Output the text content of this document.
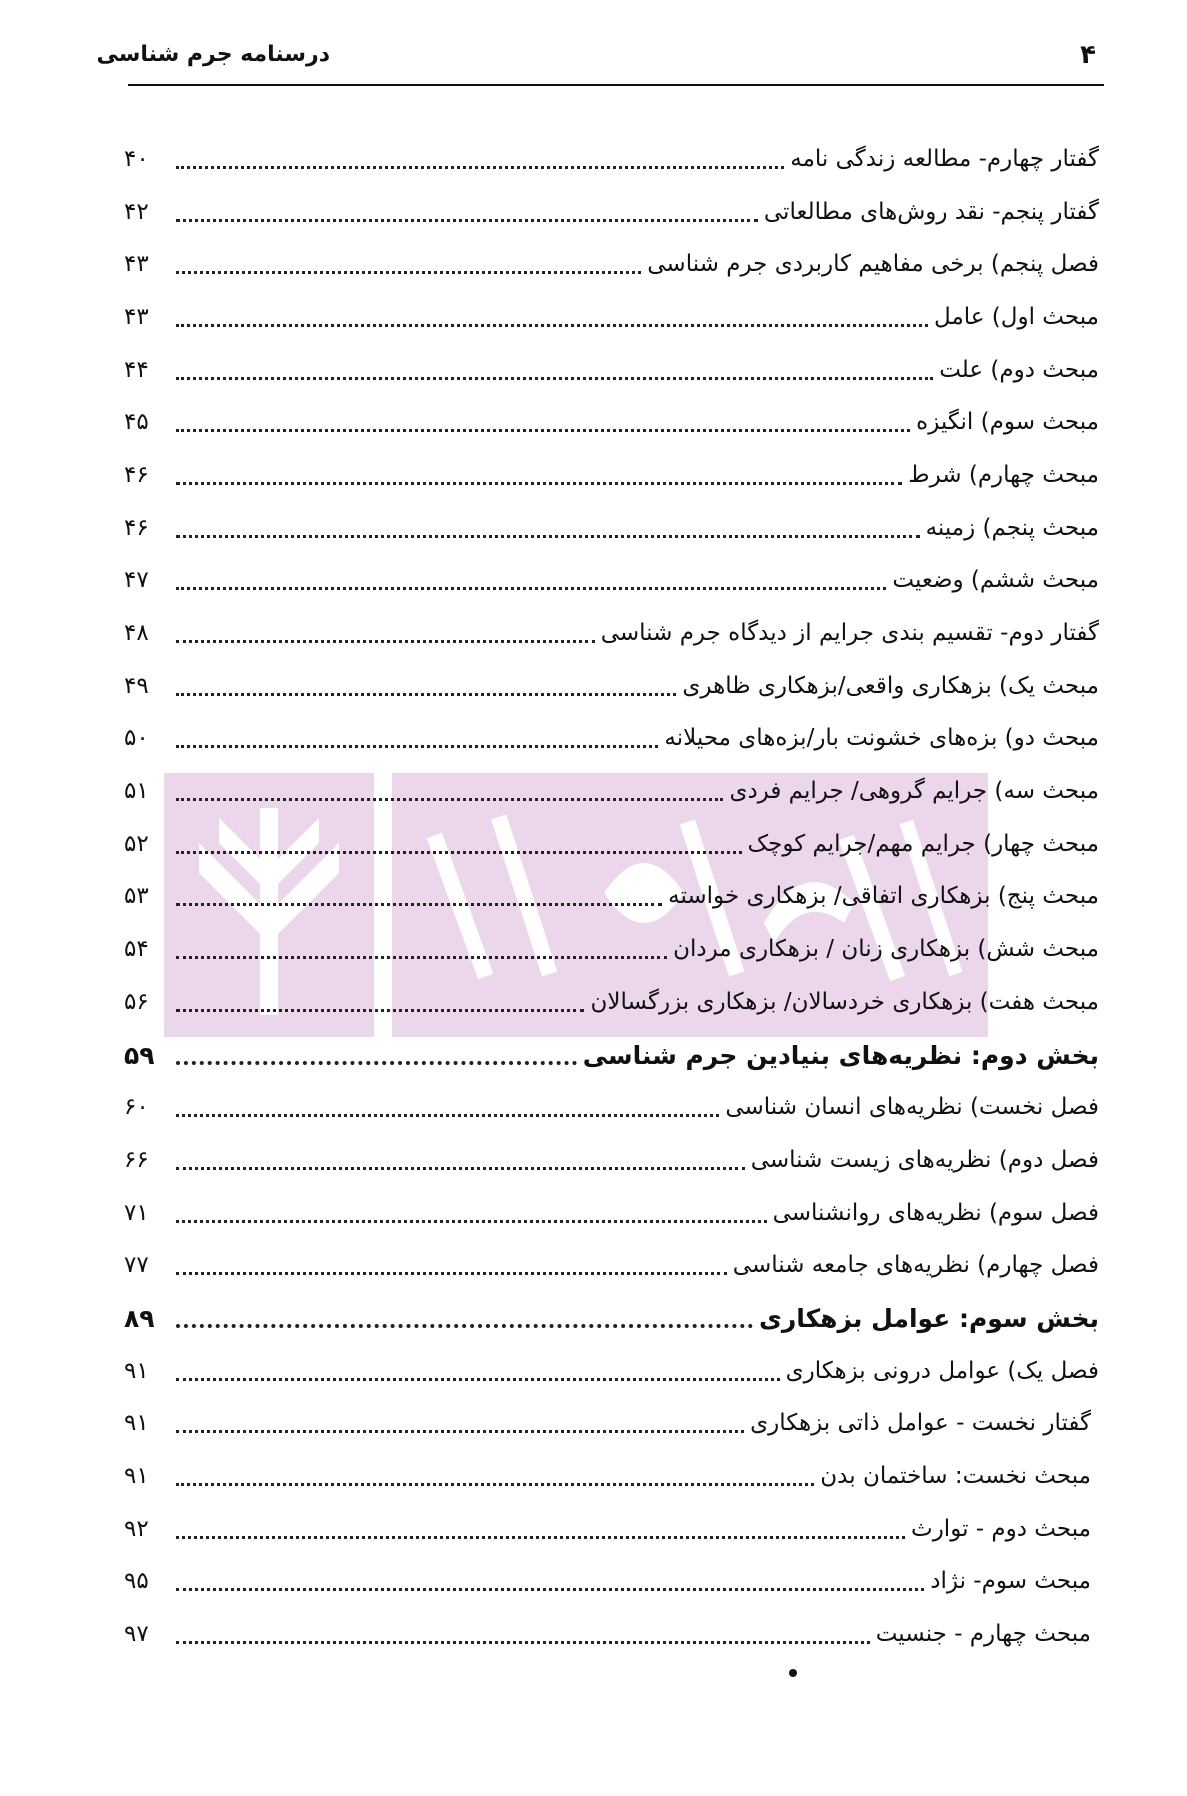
درسنامه جرم شناسی	۴
گفتار چهارم- مطالعه زندگی نامه
۴۰
گفتار پنجم- نقد روش‌های مطالعاتی
۴۲
فصل پنجم) برخی مفاهیم کاربردی جرم شناسی
۴۳
مبحث اول) عامل
۴۳
مبحث دوم) علت
۴۴
مبحث سوم) انگیزه
۴۵
مبحث چهارم) شرط
۴۶
مبحث پنجم) زمینه
۴۶
مبحث ششم) وضعیت
۴۷
گفتار دوم- تقسیم بندی جرایم از دیدگاه جرم شناسی
۴۸
مبحث یک) بزهکاری واقعی/بزهکاری ظاهری
۴۹
مبحث دو) بزه‌های خشونت بار/بزه‌های محیلانه
۵۰
مبحث سه) جرایم گروهی/ جرایم فردی
۵۱
مبحث چهار) جرایم مهم/جرایم کوچک
۵۲
مبحث پنج) بزهکاری اتفاقی/ بزهکاری خواسته
۵۳
مبحث شش) بزهکاری زنان / بزهکاری مردان
۵۴
مبحث هفت) بزهکاری خردسالان/ بزهکاری بزرگسالان
۵۶
بخش دوم: نظریه‌های بنیادین جرم شناسی
۵۹
فصل نخست) نظریه‌های انسان شناسی
۶۰
فصل دوم) نظریه‌های زیست شناسی
۶۶
فصل سوم) نظریه‌های روانشناسی
۷۱
فصل چهارم) نظریه‌های جامعه شناسی
۷۷
بخش سوم: عوامل بزهکاری
۸۹
فصل یک) عوامل درونی بزهکاری
۹۱
گفتار نخست - عوامل ذاتی بزهکاری
۹۱
مبحث نخست: ساختمان بدن
۹۱
مبحث دوم - توارث
۹۲
مبحث سوم- نژاد
۹۵
مبحث چهارم - جنسیت
۹۷
